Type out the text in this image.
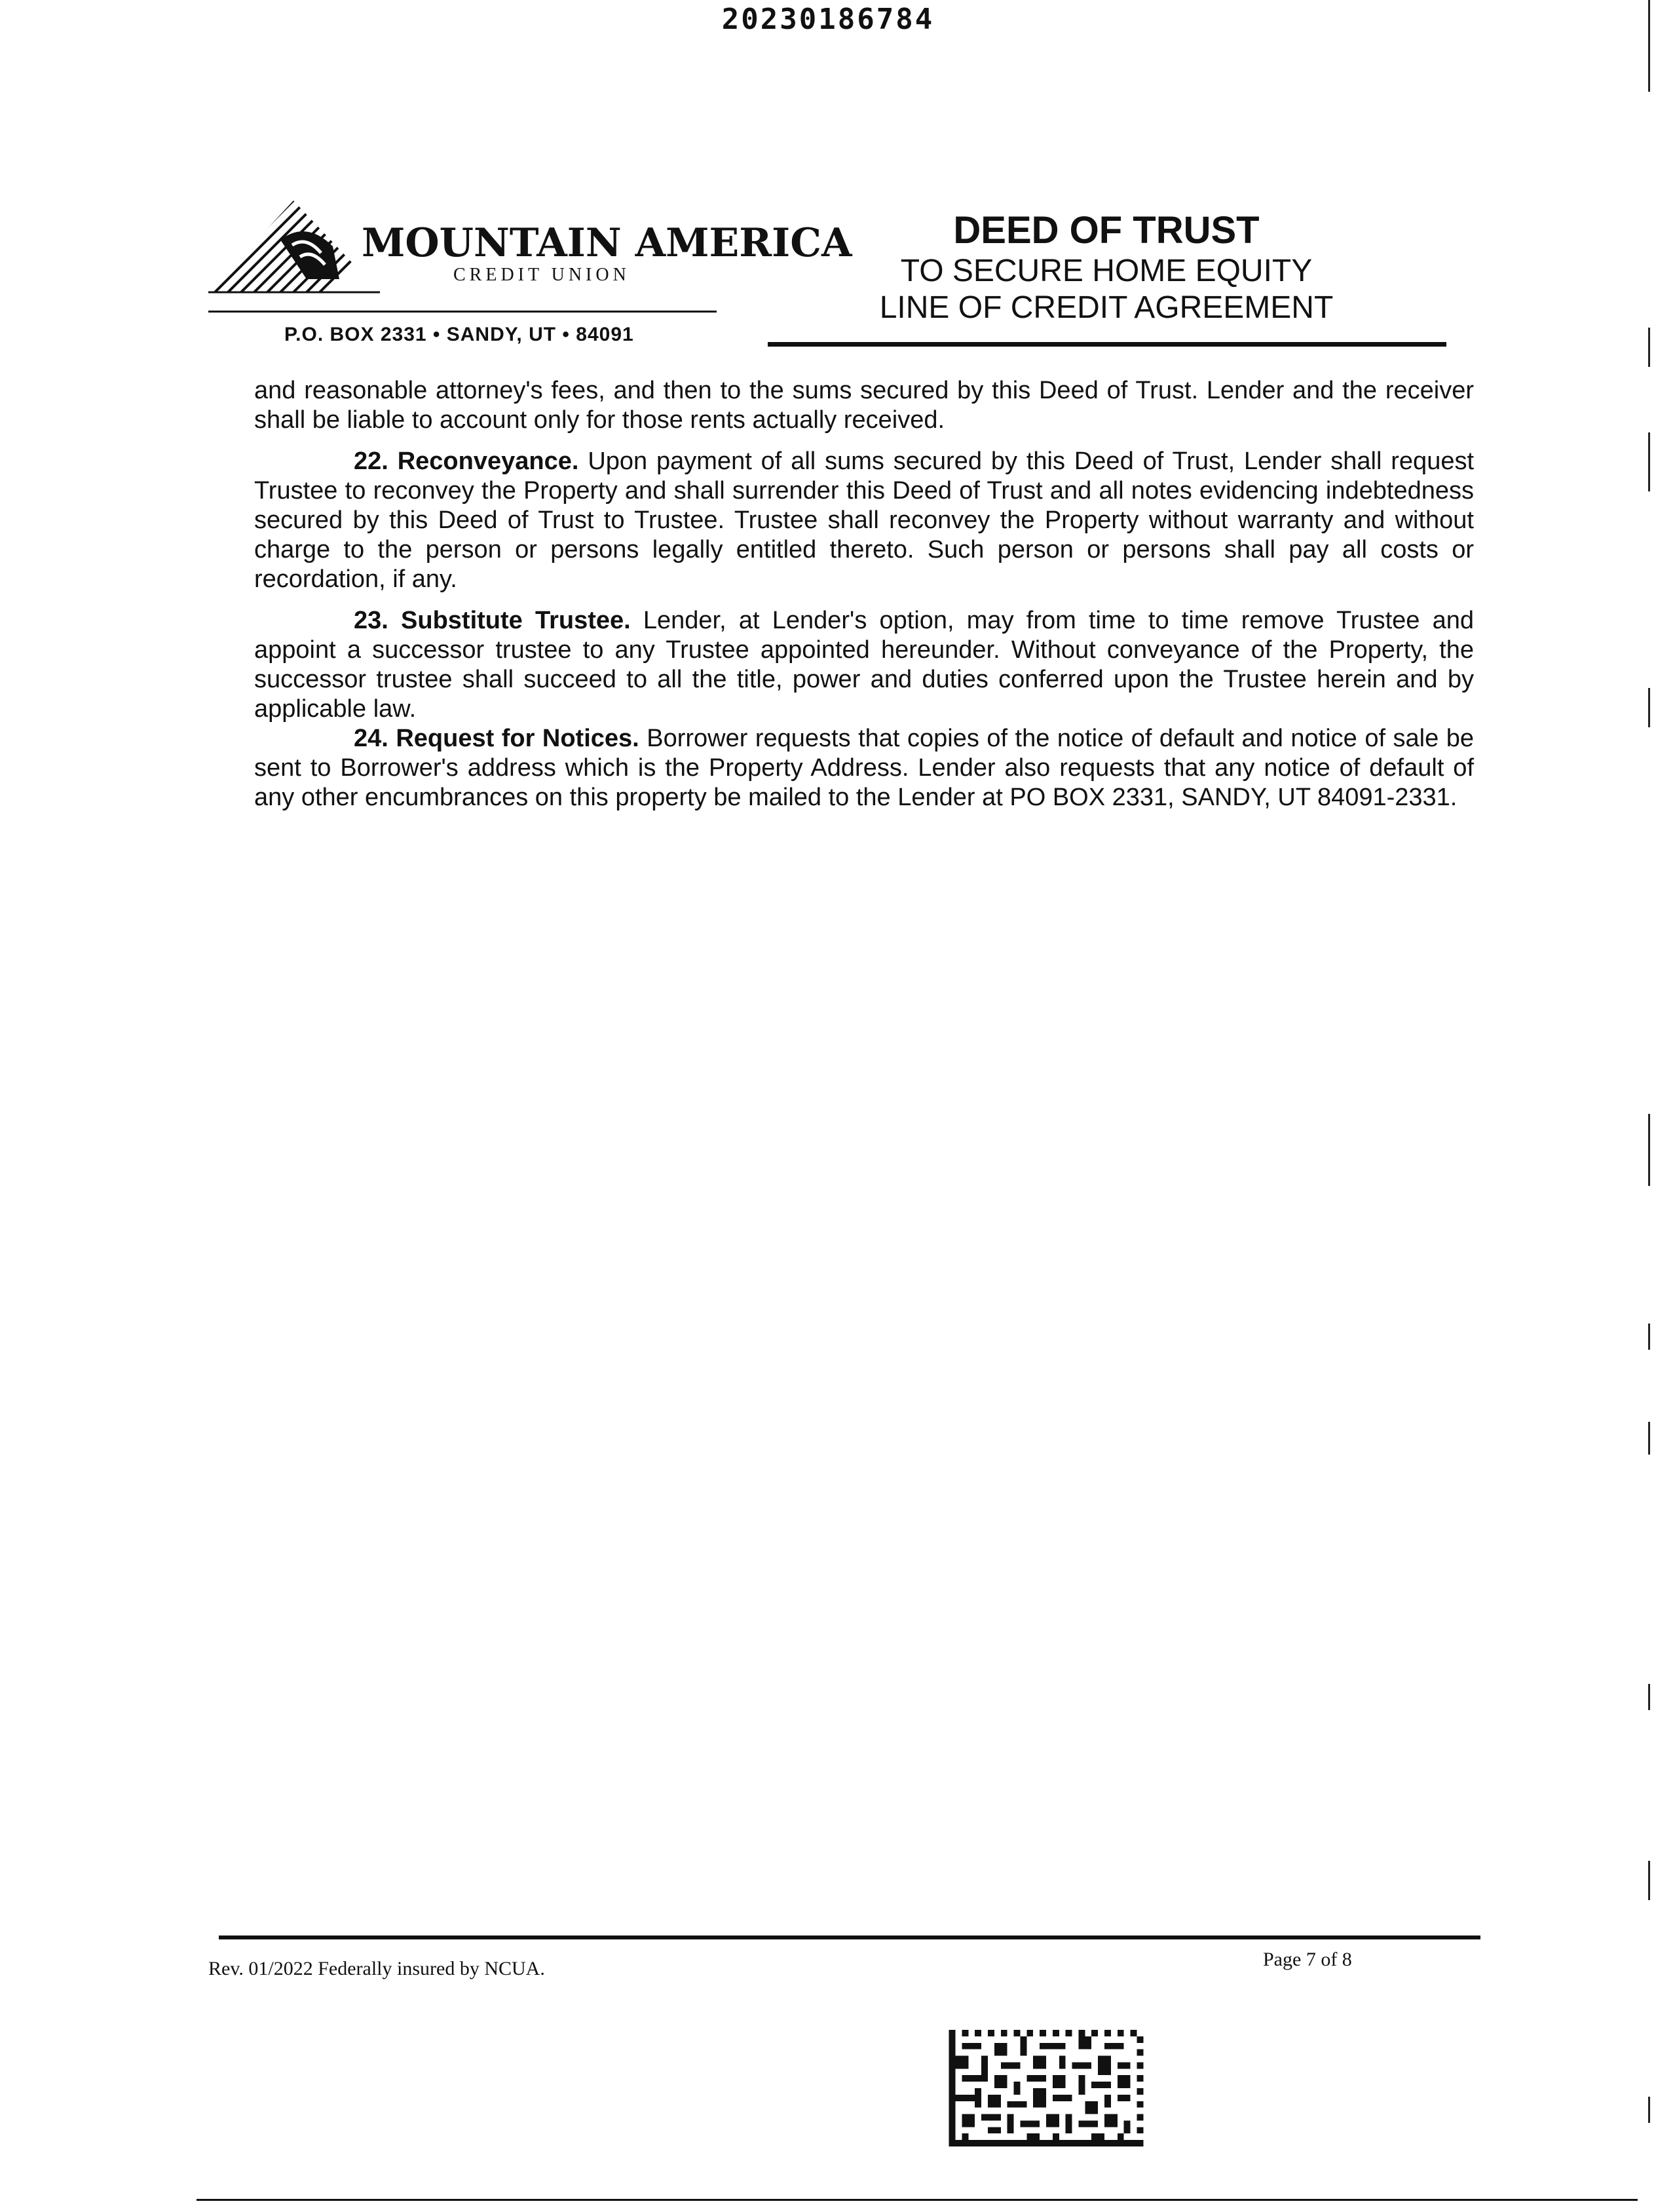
20230186784
MOUNTAIN AMERICA
CREDIT UNION
P.O. BOX 2331 • SANDY, UT • 84091
DEED OF TRUST
TO SECURE HOME EQUITY
LINE OF CREDIT AGREEMENT

and reasonable attorney's fees, and then to the sums secured by this Deed of Trust. Lender and the receiver shall be liable to account only for those rents actually received.

22. Reconveyance. Upon payment of all sums secured by this Deed of Trust, Lender shall request Trustee to reconvey the Property and shall surrender this Deed of Trust and all notes evidencing indebtedness secured by this Deed of Trust to Trustee. Trustee shall reconvey the Property without warranty and without charge to the person or persons legally entitled thereto. Such person or persons shall pay all costs or recordation, if any.

23. Substitute Trustee. Lender, at Lender's option, may from time to time remove Trustee and appoint a successor trustee to any Trustee appointed hereunder. Without conveyance of the Property, the successor trustee shall succeed to all the title, power and duties conferred upon the Trustee herein and by applicable law.

24. Request for Notices. Borrower requests that copies of the notice of default and notice of sale be sent to Borrower's address which is the Property Address. Lender also requests that any notice of default of any other encumbrances on this property be mailed to the Lender at PO BOX 2331, SANDY, UT 84091-2331.

Rev. 01/2022 Federally insured by NCUA.	Page 7 of 8
